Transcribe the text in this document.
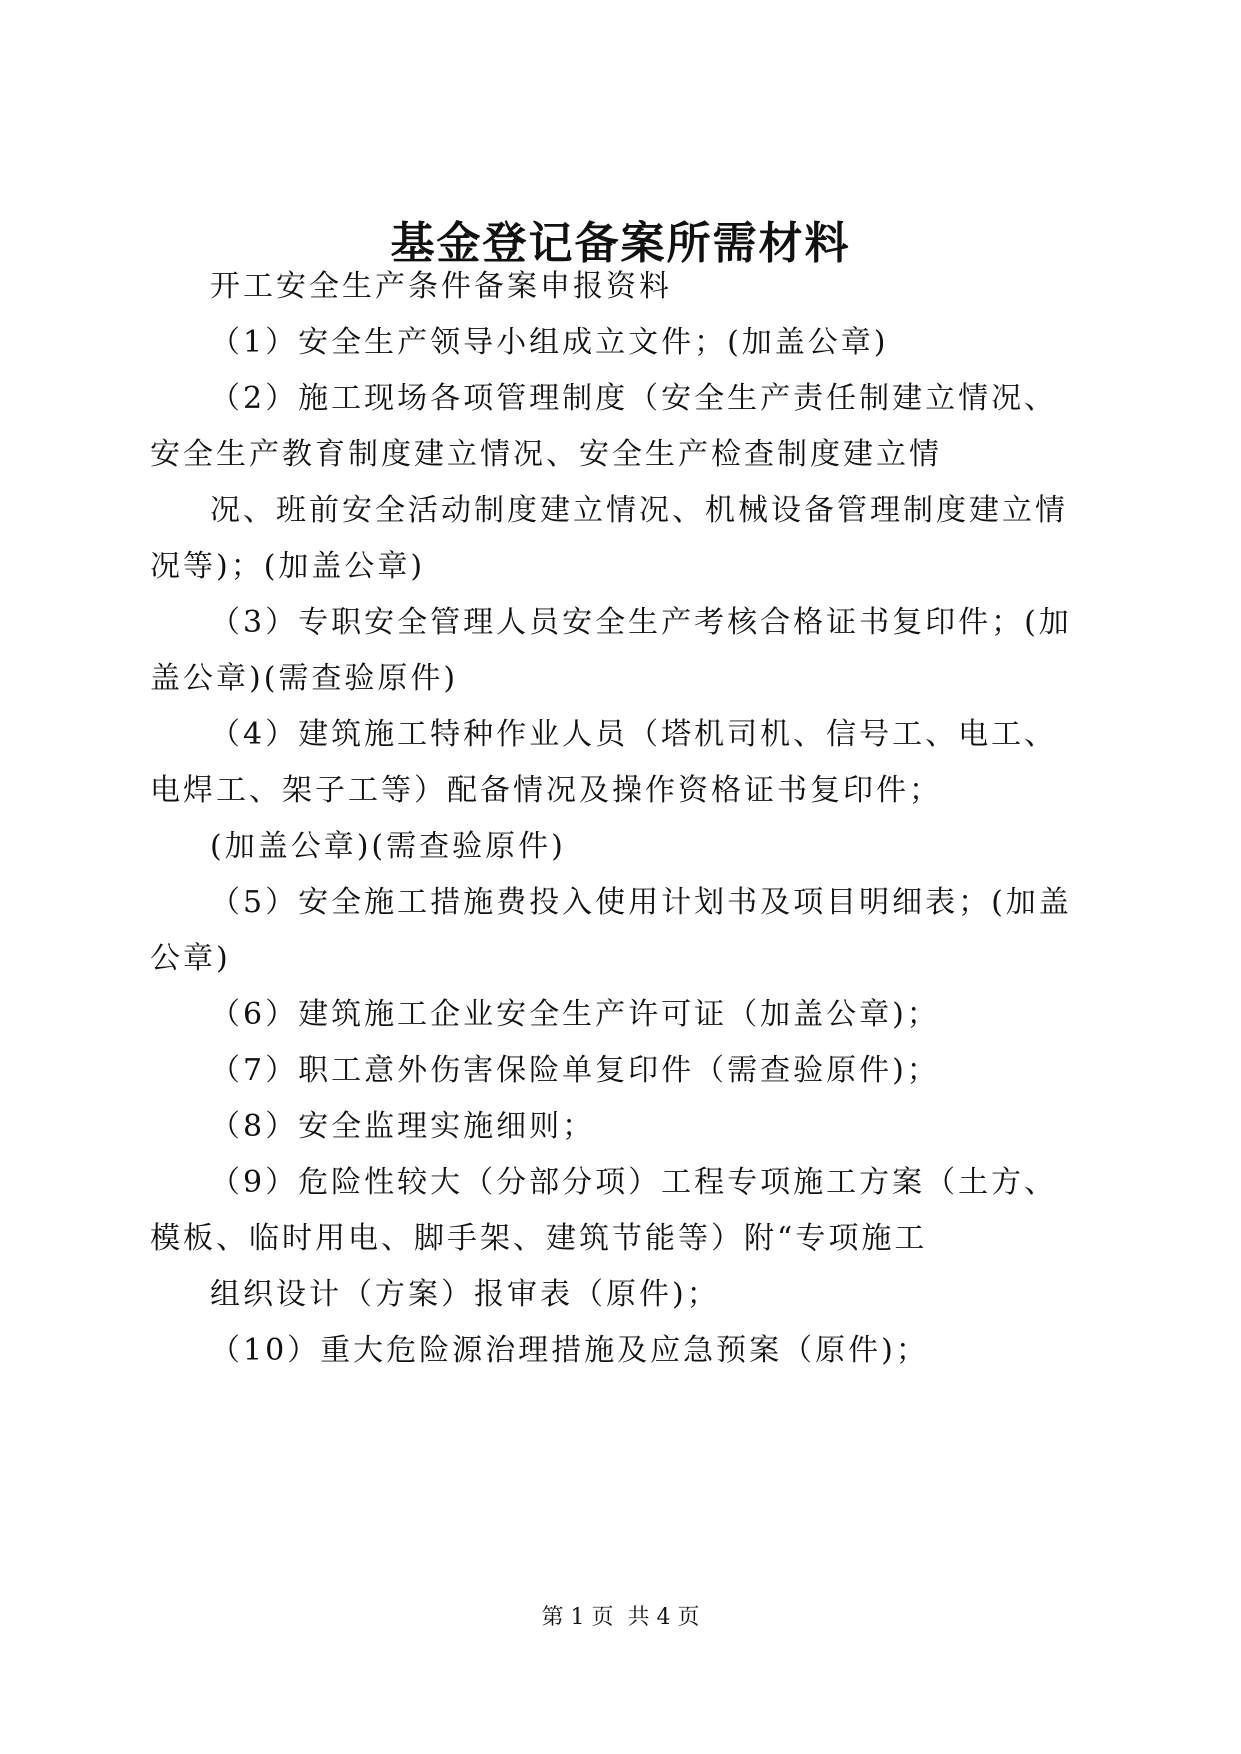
基金登记备案所需材料
开工安全生产条件备案申报资料
（1）安全生产领导小组成立文件；(加盖公章)
（2）施工现场各项管理制度（安全生产责任制建立情况、
安全生产教育制度建立情况、安全生产检查制度建立情
况、班前安全活动制度建立情况、机械设备管理制度建立情
况等)；(加盖公章)
（3）专职安全管理人员安全生产考核合格证书复印件；(加
盖公章)(需查验原件)
（4）建筑施工特种作业人员（塔机司机、信号工、电工、
电焊工、架子工等）配备情况及操作资格证书复印件；
(加盖公章)(需查验原件)
（5）安全施工措施费投入使用计划书及项目明细表；(加盖
公章)
（6）建筑施工企业安全生产许可证（加盖公章)；
（7）职工意外伤害保险单复印件（需查验原件)；
（8）安全监理实施细则；
（9）危险性较大（分部分项）工程专项施工方案（土方、
模板、临时用电、脚手架、建筑节能等）附“专项施工
组织设计（方案）报审表（原件)；
（10）重大危险源治理措施及应急预案（原件)；
第 1 页  共 4 页
